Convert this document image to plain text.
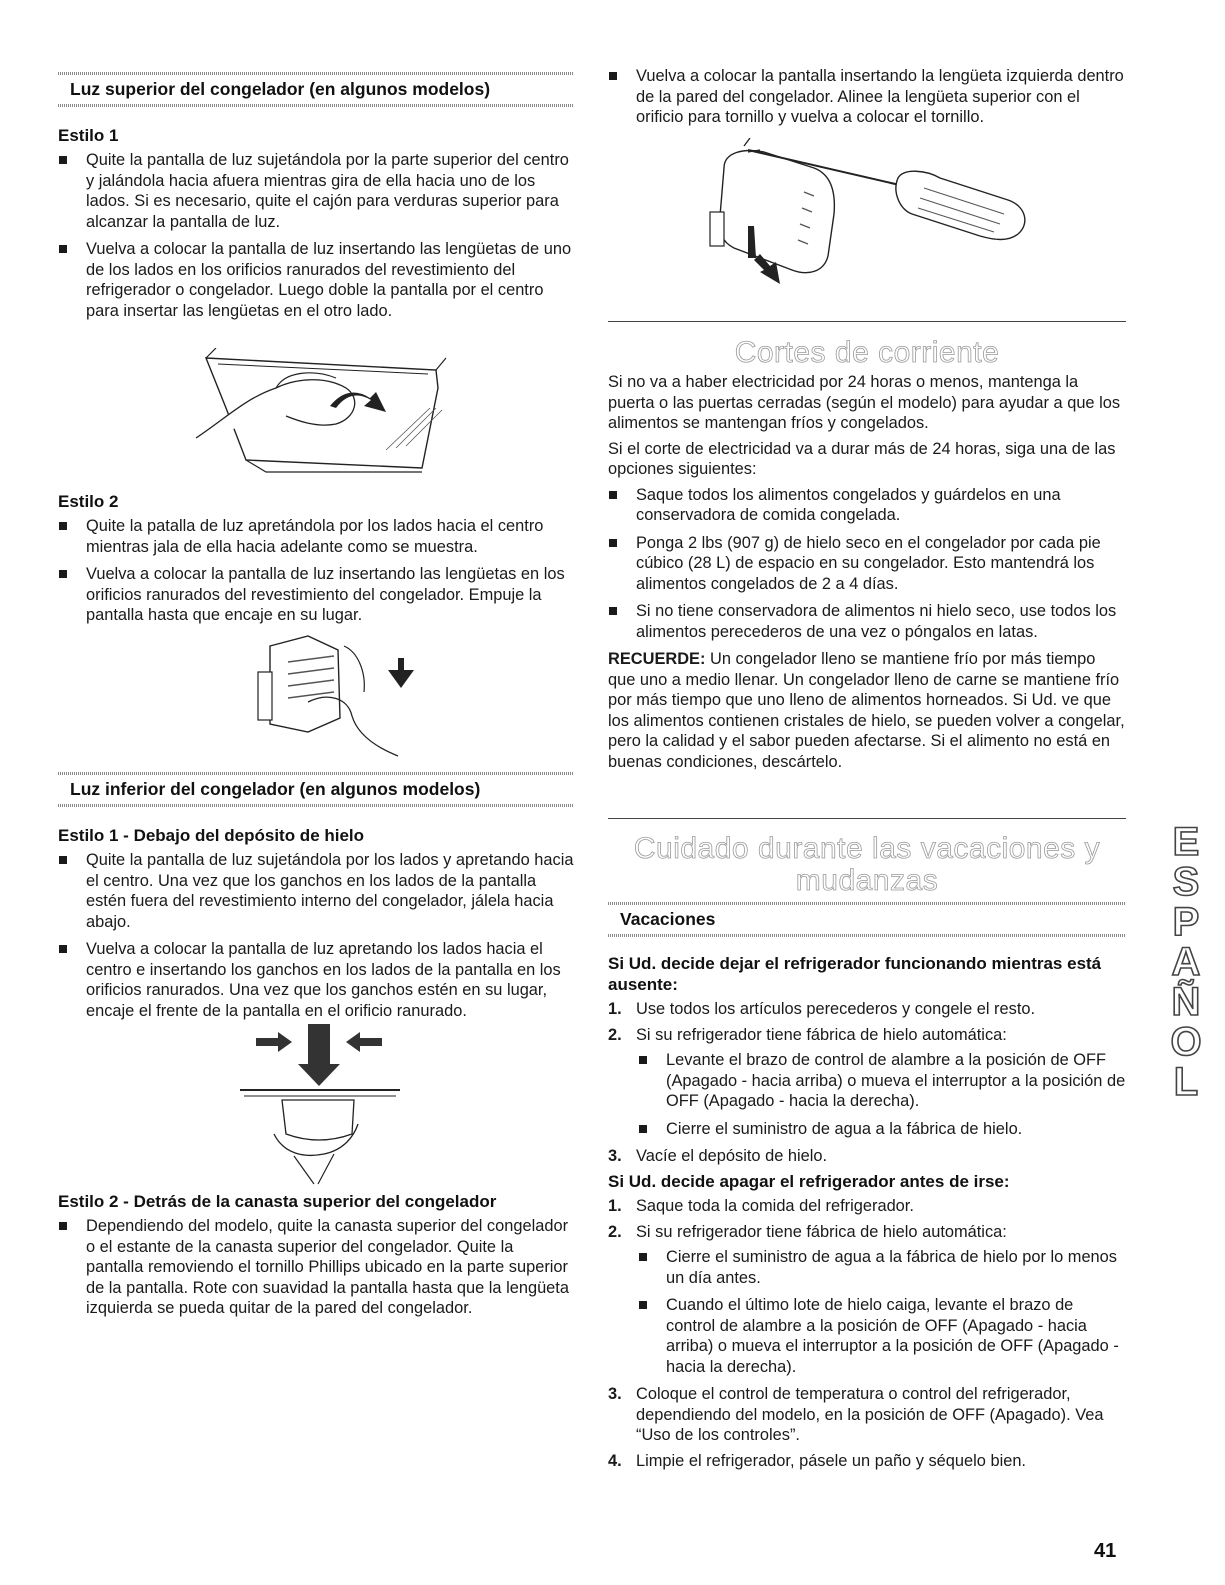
Luz superior del congelador (en algunos modelos)
Estilo 1
Quite la pantalla de luz sujetándola por la parte superior del centro y jalándola hacia afuera mientras gira de ella hacia uno de los lados. Si es necesario, quite el cajón para verduras superior para alcanzar la pantalla de luz.
Vuelva a colocar la pantalla de luz insertando las lengüetas de uno de los lados en los orificios ranurados del revestimiento del refrigerador o congelador. Luego doble la pantalla por el centro para insertar las lengüetas en el otro lado.
Estilo 2
Quite la patalla de luz apretándola por los lados hacia el centro mientras jala de ella hacia adelante como se muestra.
Vuelva a colocar la pantalla de luz insertando las lengüetas en los orificios ranurados del revestimiento del congelador. Empuje la pantalla hasta que encaje en su lugar.
Luz inferior del congelador (en algunos modelos)
Estilo 1 - Debajo del depósito de hielo
Quite la pantalla de luz sujetándola por los lados y apretando hacia el centro. Una vez que los ganchos en los lados de la pantalla estén fuera del revestimiento interno del congelador, jálela hacia abajo.
Vuelva a colocar la pantalla de luz apretando los lados hacia el centro e insertando los ganchos en los lados de la pantalla en los orificios ranurados. Una vez que los ganchos estén en su lugar, encaje el frente de la pantalla en el orificio ranurado.
Estilo 2 - Detrás de la canasta superior del congelador
Dependiendo del modelo, quite la canasta superior del congelador o el estante de la canasta superior del congelador. Quite la pantalla removiendo el tornillo Phillips ubicado en la parte superior de la pantalla. Rote con suavidad la pantalla hasta que la lengüeta izquierda se pueda quitar de la pared del congelador.
Vuelva a colocar la pantalla insertando la lengüeta izquierda dentro de la pared del congelador. Alinee la lengüeta superior con el orificio para tornillo y vuelva a colocar el tornillo.
Cortes de corriente
Si no va a haber electricidad por 24 horas o menos, mantenga la puerta o las puertas cerradas (según el modelo) para ayudar a que los alimentos se mantengan fríos y congelados.
Si el corte de electricidad va a durar más de 24 horas, siga una de las opciones siguientes:
Saque todos los alimentos congelados y guárdelos en una conservadora de comida congelada.
Ponga 2 lbs (907 g) de hielo seco en el congelador por cada pie cúbico (28 L) de espacio en su congelador. Esto mantendrá los alimentos congelados de 2 a 4 días.
Si no tiene conservadora de alimentos ni hielo seco, use todos los alimentos perecederos de una vez o póngalos en latas.
RECUERDE: Un congelador lleno se mantiene frío por más tiempo que uno a medio llenar. Un congelador lleno de carne se mantiene frío por más tiempo que uno lleno de alimentos horneados. Si Ud. ve que los alimentos contienen cristales de hielo, se pueden volver a congelar, pero la calidad y el sabor pueden afectarse. Si el alimento no está en buenas condiciones, descártelo.
Cuidado durante las vacaciones y
mudanzas
Vacaciones
Si Ud. decide dejar el refrigerador funcionando mientras está ausente:
1. Use todos los artículos perecederos y congele el resto.
2. Si su refrigerador tiene fábrica de hielo automática:
Levante el brazo de control de alambre a la posición de OFF (Apagado - hacia arriba) o mueva el interruptor a la posición de OFF (Apagado - hacia la derecha).
Cierre el suministro de agua a la fábrica de hielo.
3. Vacíe el depósito de hielo.
Si Ud. decide apagar el refrigerador antes de irse:
1. Saque toda la comida del refrigerador.
2. Si su refrigerador tiene fábrica de hielo automática:
Cierre el suministro de agua a la fábrica de hielo por lo menos un día antes.
Cuando el último lote de hielo caiga, levante el brazo de control de alambre a la posición de OFF (Apagado - hacia arriba) o mueva el interruptor a la posición de OFF (Apagado - hacia la derecha).
3. Coloque el control de temperatura o control del refrigerador, dependiendo del modelo, en la posición de OFF (Apagado). Vea “Uso de los controles”.
4. Limpie el refrigerador, pásele un paño y séquelo bien.
ESPAÑOL
41
